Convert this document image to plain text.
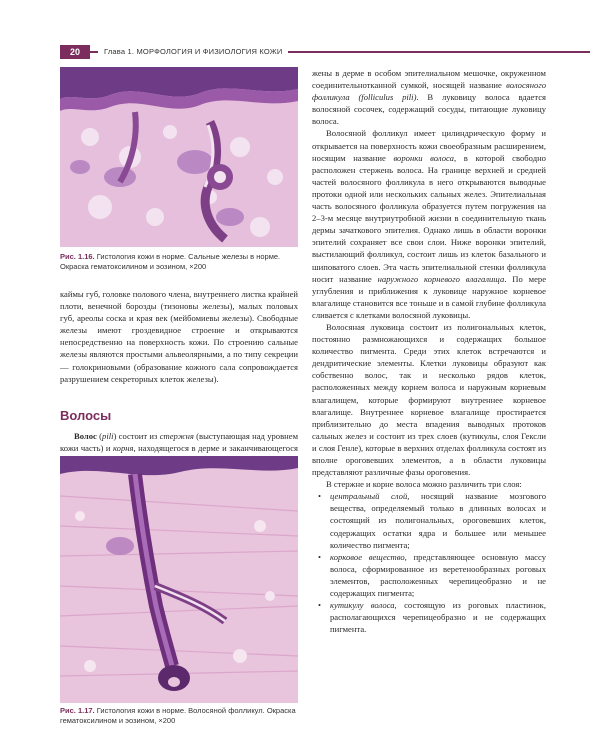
20	Глава 1. МОРФОЛОГИЯ И ФИЗИОЛОГИЯ КОЖИ
Рис. 1.16. Гистология кожи в норме. Сальные железы в норме. Окраска гематоксилином и эозином, ×200

каймы губ, головке полового члена, внутреннего листка крайней плоти, венечной борозды (тизоновы железы), малых половых губ, ареолы соска и края век (мейбомиевы железы). Свободные железы имеют гроздевидное строение и открываются непосредственно на поверхность кожи. По строению сальные железы являются простыми альвеолярными, а по типу секреции — голокриновыми (образование кожного сала сопровождается разрушением секреторных клеток железы).

Волосы

Волос (pili) состоит из стержня (выступающая над уровнем кожи часть) и корня, находящегося в дерме и заканчивающегося

Рис. 1.17. Гистология кожи в норме. Волосяной фолликул. Окраска гематоксилином и эозином, ×200

жены в дерме в особом эпителиальном мешочке, окруженном соединительнотканной сумкой, носящей название волосяного фолликула (folliculus pili). В луковицу волоса вдается волосяной сосочек, содержащий сосуды, питающие луковицу волоса.

Волосяной фолликул имеет цилиндрическую форму и открывается на поверхность кожи своеобразным расширением, носящим название воронки волоса, в которой свободно расположен стержень волоса. На границе верхней и средней частей волосяного фолликула в него открываются выводные протоки одной или нескольких сальных желез. Эпителиальная часть волосяного фолликула образуется путем погружения на 2–3-м месяце внутриутробной жизни в соединительную ткань дермы зачаткового эпителия. Однако лишь в области воронки эпителий сохраняет все свои слои. Ниже воронки эпителий, выстилающий фолликул, состоит лишь из клеток базального и шиповатого слоев. Эта часть эпителиальной стенки фолликула носит название наружного корневого влагалища. По мере углубления и приближения к луковице наружное корневое влагалище становится все тоньше и в самой глубине фолликула сливается с клетками волосяной луковицы.

Волосяная луковица состоит из полигональных клеток, постоянно размножающихся и содержащих большое количество пигмента. Среди этих клеток встречаются и дендритические элементы. Клетки луковицы образуют как собственно волос, так и несколько рядов клеток, расположенных между корнем волоса и наружным корневым влагалищем, которые формируют внутреннее корневое влагалище. Внутреннее корневое влагалище простирается приблизительно до места впадения выводных протоков сальных желез и состоит из трех слоев (кутикулы, слоя Гексли и слоя Генле), которые в верхних отделах фолликула состоят из вполне ороговевших элементов, а в области луковицы представляют различные фазы ороговения.

В стержне и корне волоса можно различить три слоя:

• центральный слой, носящий название мозгового вещества, определяемый только в длинных волосах и состоящий из полигональных, ороговевших клеток, содержащих остатки ядра и большее или меньшее количество пигмента;
• корковое вещество, представляющее основную массу волоса, сформированное из веретенообразных роговых элементов, расположенных черепицеобразно и не содержащих пигмента;
• кутикулу волоса, состоящую из роговых пластинок, располагающихся черепицеобразно и не содержащих пигмента.
